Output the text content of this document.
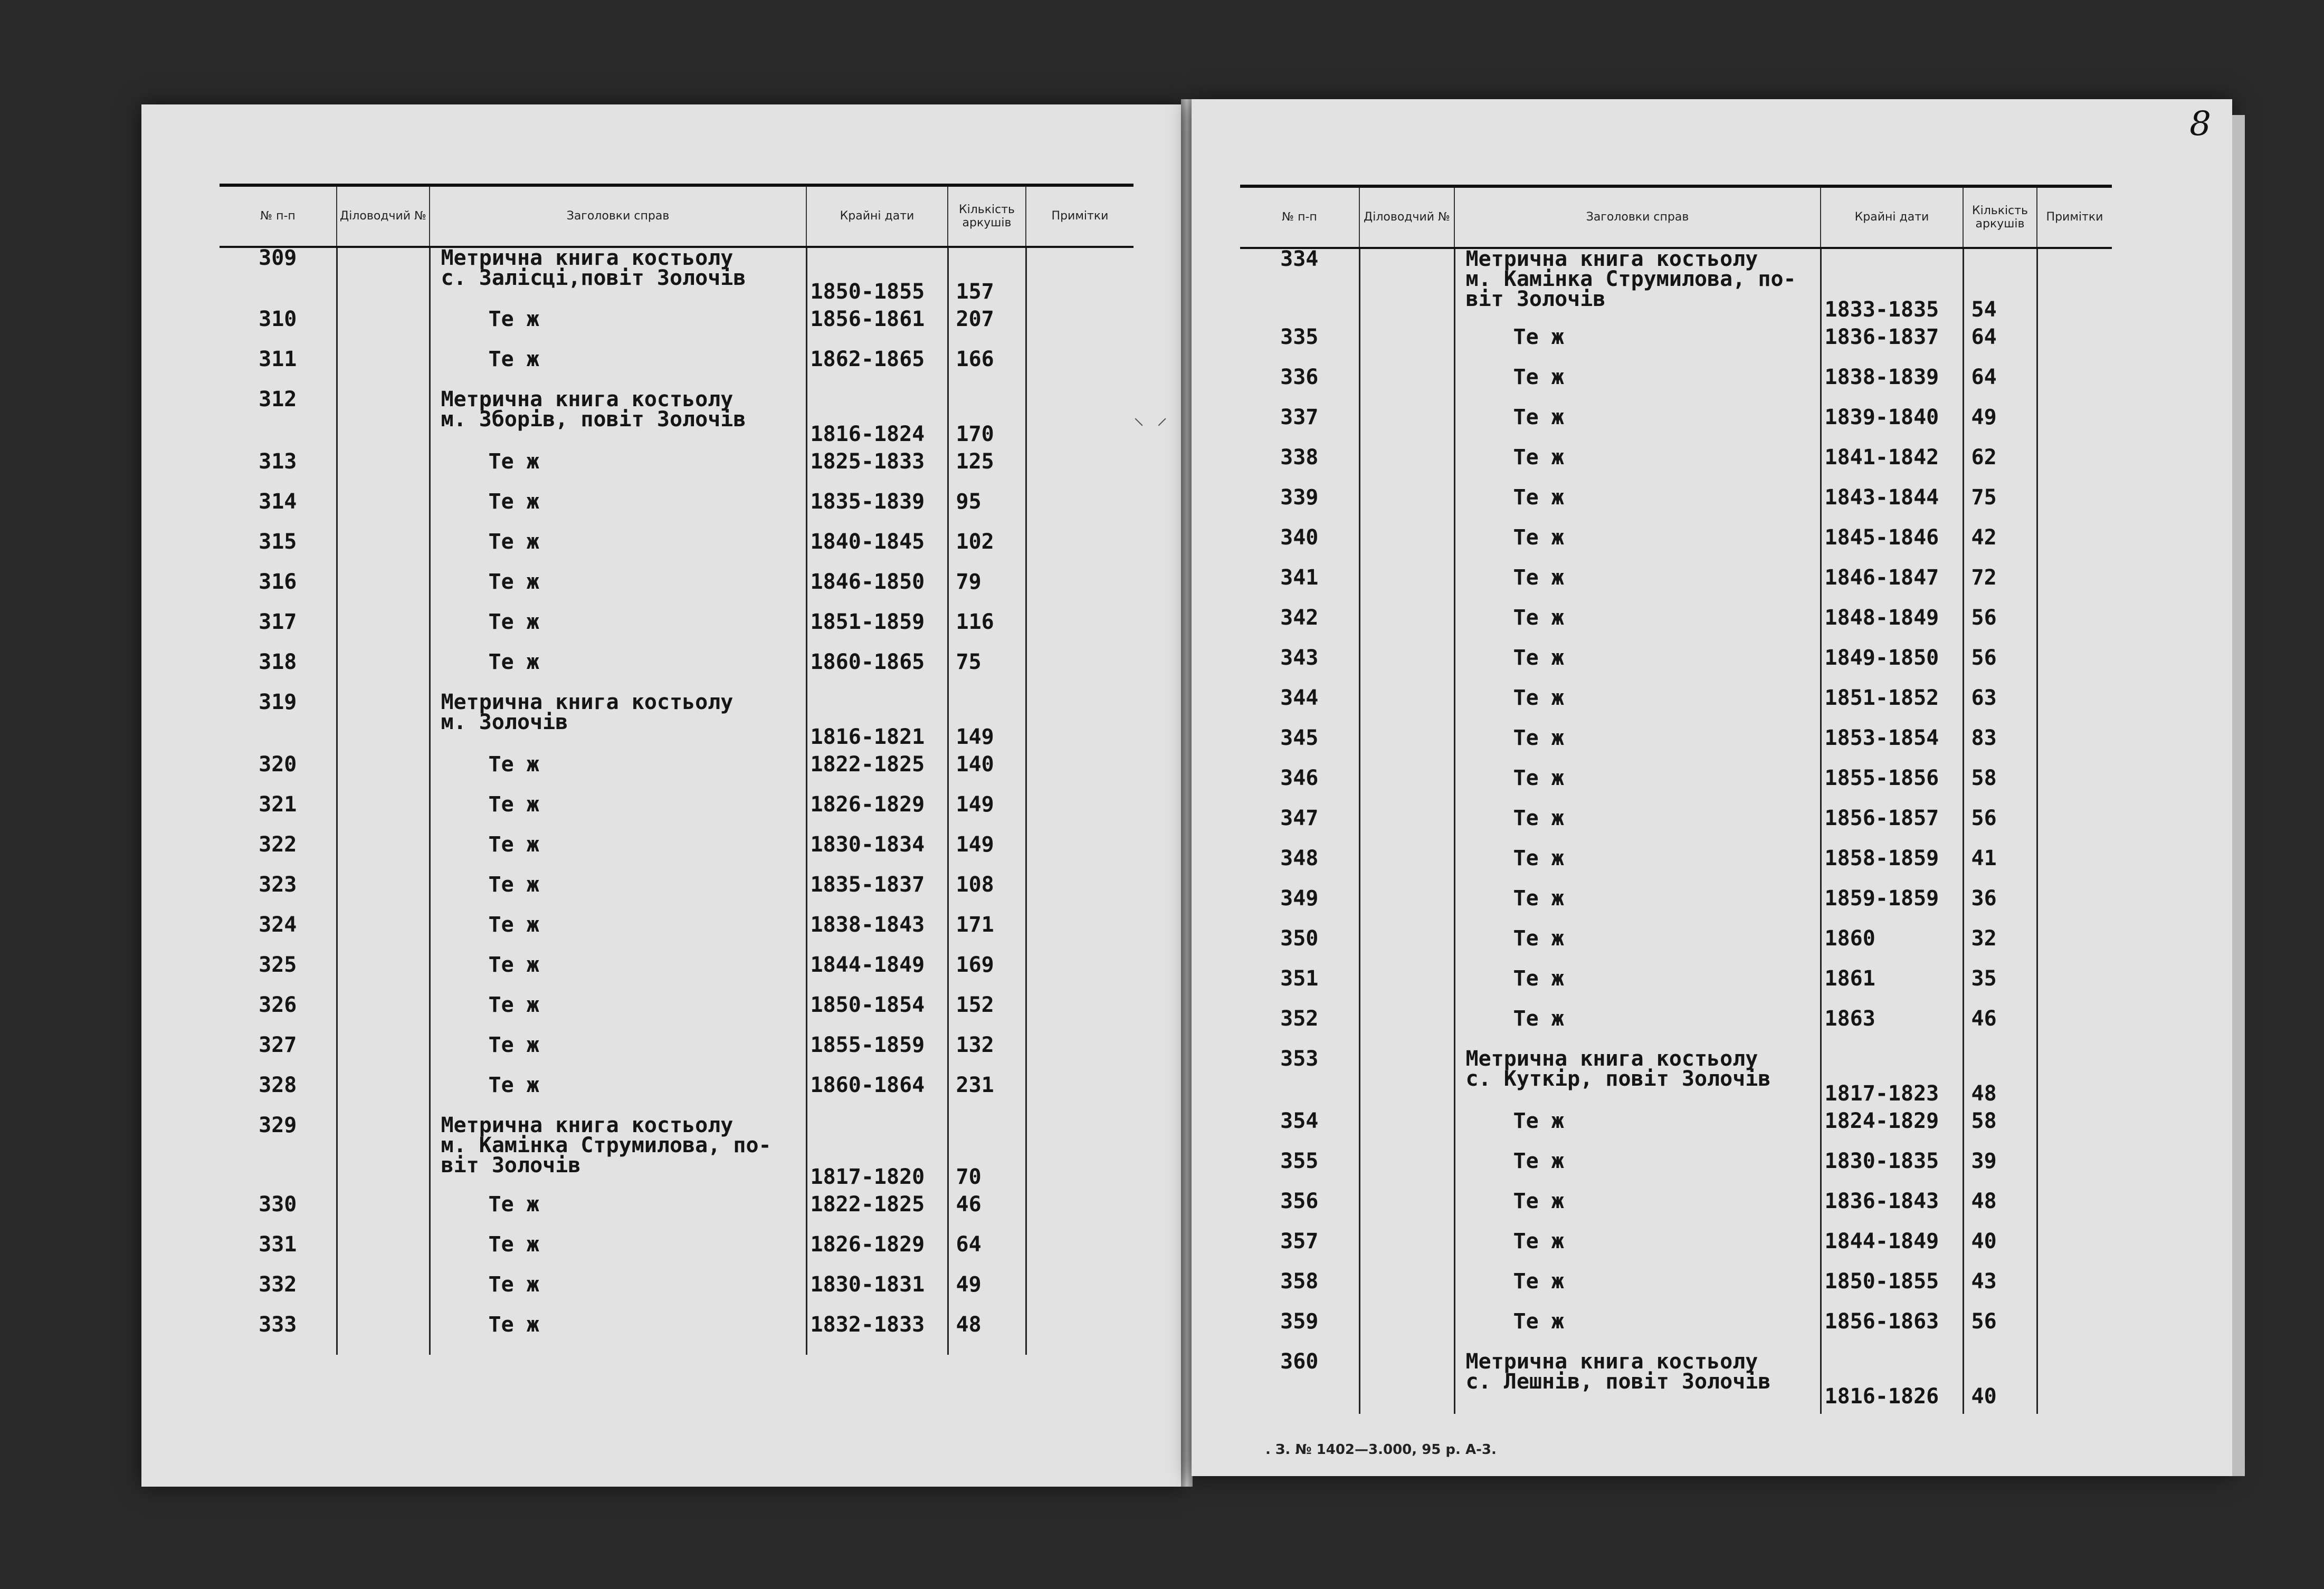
№ п-п	Діловодчий №	Заголовки справ	Крайні дати	Кількість аркушів	Примітки
309		Метрична книга костьолу
с. Залісці,повіт Золочів	1850-1855	157	
310		Те ж	1856-1861	207	
311		Те ж	1862-1865	166	
312		Метрична книга костьолу
м. Зборів, повіт Золочів	1816-1824	170	
313		Те ж	1825-1833	125	
314		Те ж	1835-1839	95	
315		Те ж	1840-1845	102	
316		Те ж	1846-1850	79	
317		Те ж	1851-1859	116	
318		Те ж	1860-1865	75	
319		Метрична книга костьолу
м. Золочів	1816-1821	149	
320		Те ж	1822-1825	140	
321		Те ж	1826-1829	149	
322		Те ж	1830-1834	149	
323		Те ж	1835-1837	108	
324		Те ж	1838-1843	171	
325		Те ж	1844-1849	169	
326		Те ж	1850-1854	152	
327		Те ж	1855-1859	132	
328		Те ж	1860-1864	231	
329		Метрична книга костьолу
м. Камінка Струмилова, по-
віт Золочів	1817-1820	70	
330		Те ж	1822-1825	46	
331		Те ж	1826-1829	64	
332		Те ж	1830-1831	49	
333		Те ж	1832-1833	48	
⸌ ⸍
8
№ п-п	Діловодчий №	Заголовки справ	Крайні дати	Кількість аркушів	Примітки
334		Метрична книга костьолу
м. Камінка Струмилова, по-
віт Золочів	1833-1835	54	
335		Те ж	1836-1837	64	
336		Те ж	1838-1839	64	
337		Те ж	1839-1840	49	
338		Те ж	1841-1842	62	
339		Те ж	1843-1844	75	
340		Те ж	1845-1846	42	
341		Те ж	1846-1847	72	
342		Те ж	1848-1849	56	
343		Те ж	1849-1850	56	
344		Те ж	1851-1852	63	
345		Те ж	1853-1854	83	
346		Те ж	1855-1856	58	
347		Те ж	1856-1857	56	
348		Те ж	1858-1859	41	
349		Те ж	1859-1859	36	
350		Те ж	1860	32	
351		Те ж	1861	35	
352		Те ж	1863	46	
353		Метрична книга костьолу
с. Куткір, повіт Золочів	1817-1823	48	
354		Те ж	1824-1829	58	
355		Те ж	1830-1835	39	
356		Те ж	1836-1843	48	
357		Те ж	1844-1849	40	
358		Те ж	1850-1855	43	
359		Те ж	1856-1863	56	
360		Метрична книга костьолу
с. Лешнів, повіт Золочів	1816-1826	40	
. З. № 1402—3.000, 95 р. А-3.
